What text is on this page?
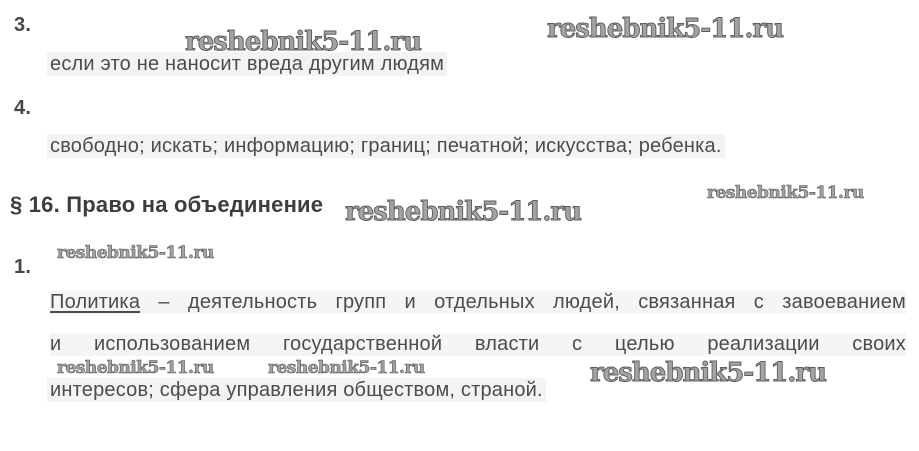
3.
если это не наносит вреда другим людям
4.
свободно; искать; информацию; границ; печатной; искусства; ребенка.
§ 16. Право на объединение
1.
Политика – деятельность групп и отдельных людей, связанная с завоеванием
и использованием государственной власти с целью реализации своих
интересов; сфера управления обществом, страной.
reshebnik5-11.ru	reshebnik5-11.ru
reshebnik5-11.ru
reshebnik5-11.ru
reshebnik5-11.ru
reshebnik5-11.ru	reshebnik5-11.ru	reshebnik5-11.ru
